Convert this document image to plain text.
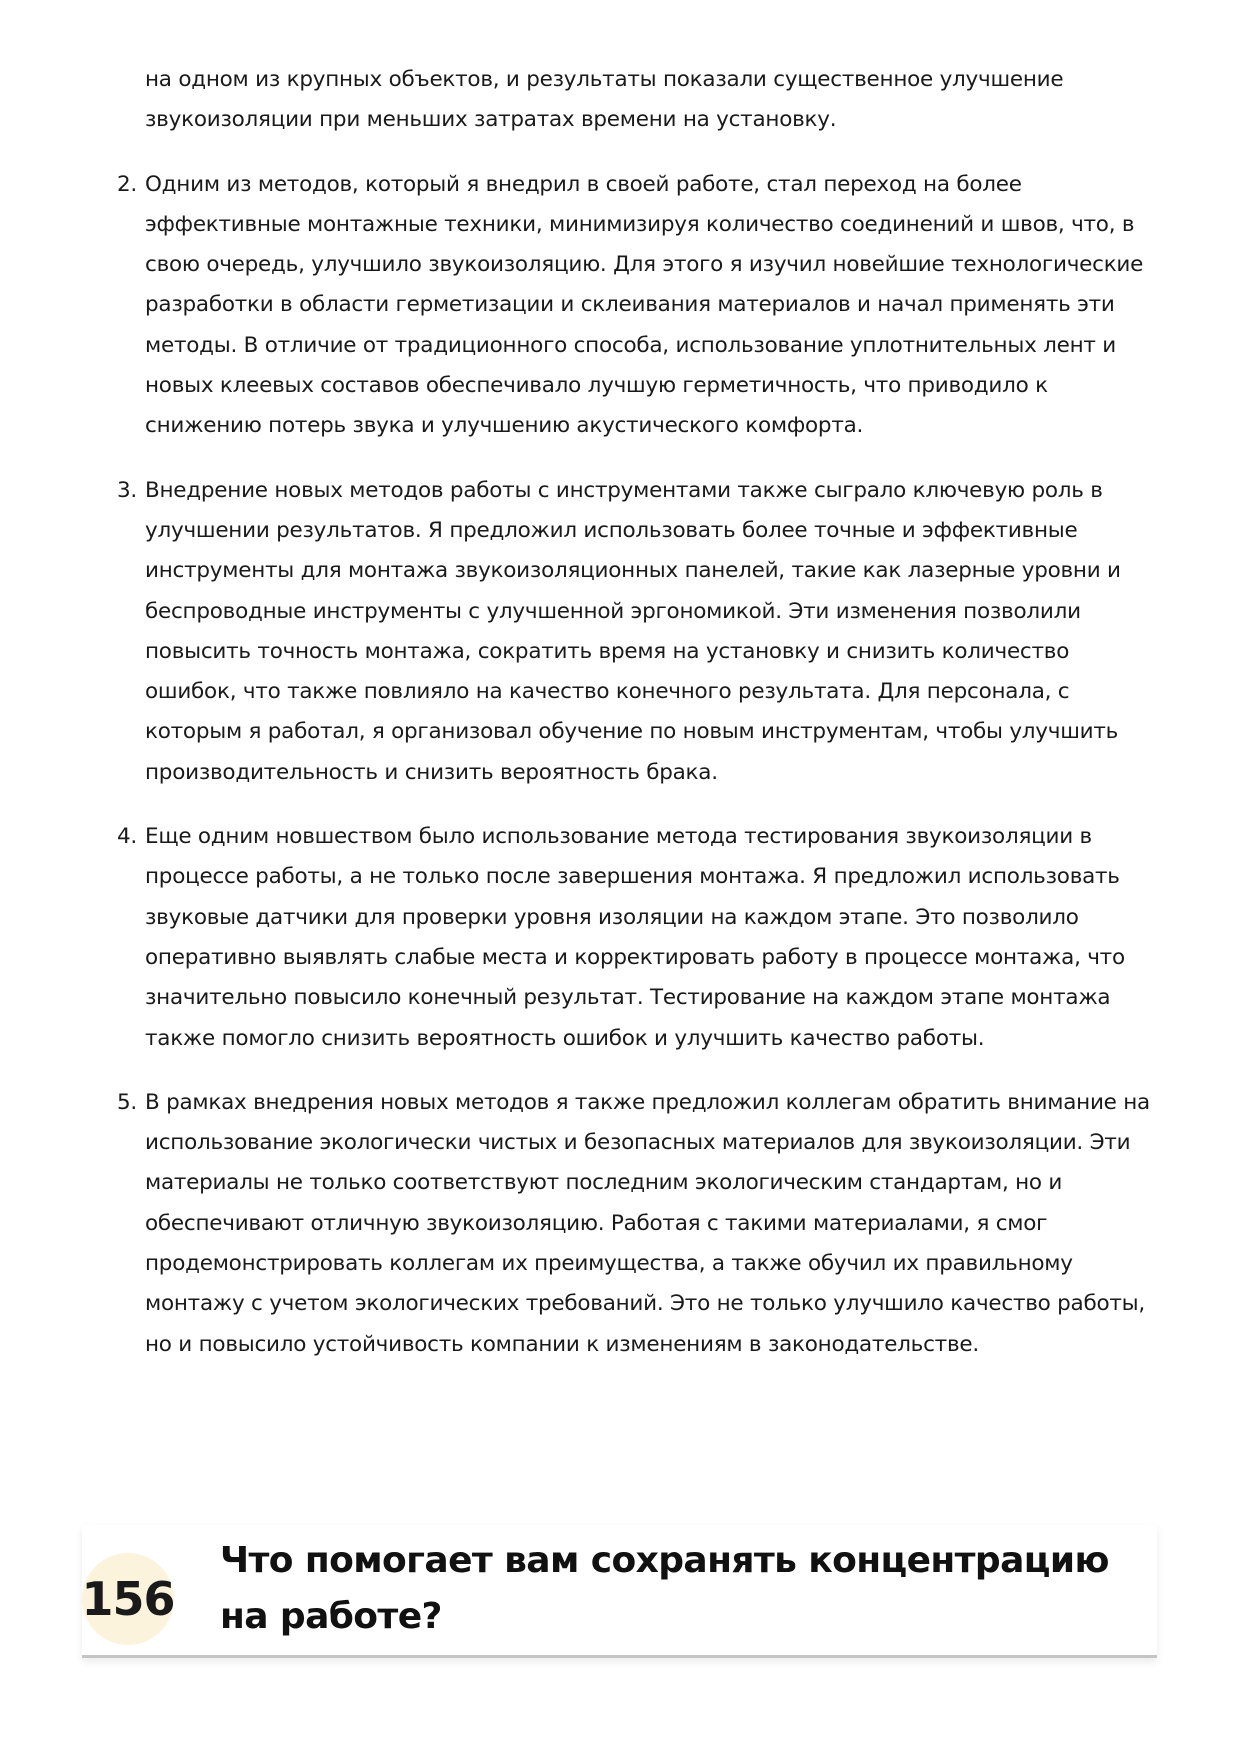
на одном из крупных объектов, и результаты показали существенное улучшение звукоизоляции при меньших затратах времени на установку.

2. Одним из методов, который я внедрил в своей работе, стал переход на более эффективные монтажные техники, минимизируя количество соединений и швов, что, в свою очередь, улучшило звукоизоляцию. Для этого я изучил новейшие технологические разработки в области герметизации и склеивания материалов и начал применять эти методы. В отличие от традиционного способа, использование уплотнительных лент и новых клеевых составов обеспечивало лучшую герметичность, что приводило к снижению потерь звука и улучшению акустического комфорта.
3. Внедрение новых методов работы с инструментами также сыграло ключевую роль в улучшении результатов. Я предложил использовать более точные и эффективные инструменты для монтажа звукоизоляционных панелей, такие как лазерные уровни и беспроводные инструменты с улучшенной эргономикой. Эти изменения позволили повысить точность монтажа, сократить время на установку и снизить количество ошибок, что также повлияло на качество конечного результата. Для персонала, с которым я работал, я организовал обучение по новым инструментам, чтобы улучшить производительность и снизить вероятность брака.
4. Еще одним новшеством было использование метода тестирования звукоизоляции в процессе работы, а не только после завершения монтажа. Я предложил использовать звуковые датчики для проверки уровня изоляции на каждом этапе. Это позволило оперативно выявлять слабые места и корректировать работу в процессе монтажа, что значительно повысило конечный результат. Тестирование на каждом этапе монтажа также помогло снизить вероятность ошибок и улучшить качество работы.
5. В рамках внедрения новых методов я также предложил коллегам обратить внимание на использование экологически чистых и безопасных материалов для звукоизоляции. Эти материалы не только соответствуют последним экологическим стандартам, но и обеспечивают отличную звукоизоляцию. Работая с такими материалами, я смог продемонстрировать коллегам их преимущества, а также обучил их правильному монтажу с учетом экологических требований. Это не только улучшило качество работы, но и повысило устойчивость компании к изменениям в законодательстве.
156
Что помогает вам сохранять концентрацию на работе?
